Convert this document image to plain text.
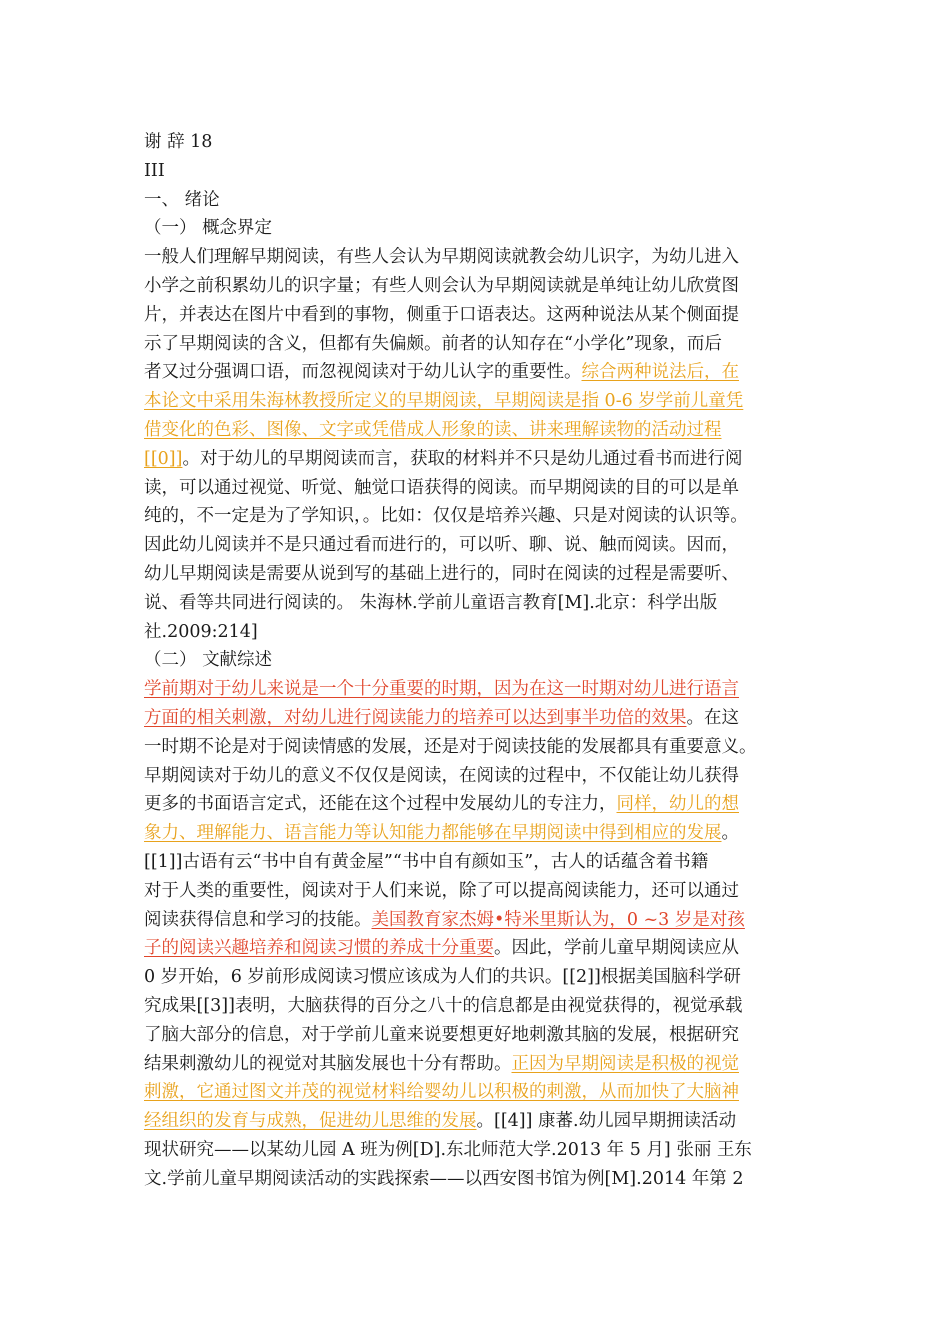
谢 辞 18
III
一、 绪论
（一） 概念界定
一般人们理解早期阅读，有些人会认为早期阅读就教会幼儿识字，为幼儿进入
小学之前积累幼儿的识字量；有些人则会认为早期阅读就是单纯让幼儿欣赏图
片，并表达在图片中看到的事物，侧重于口语表达。这两种说法从某个侧面提
示了早期阅读的含义，但都有失偏颇。前者的认知存在“小学化”现象，而后
者又过分强调口语，而忽视阅读对于幼儿认字的重要性。综合两种说法后，在
本论文中采用朱海林教授所定义的早期阅读，早期阅读是指 0-6 岁学前儿童凭
借变化的色彩、图像、文字或凭借成人形象的读、讲来理解读物的活动过程
[[0]]。对于幼儿的早期阅读而言，获取的材料并不只是幼儿通过看书而进行阅
读，可以通过视觉、听觉、触觉口语获得的阅读。而早期阅读的目的可以是单
纯的，不一定是为了学知识，。比如：仅仅是培养兴趣、只是对阅读的认识等。
因此幼儿阅读并不是只通过看而进行的，可以听、聊、说、触而阅读。因而，
幼儿早期阅读是需要从说到写的基础上进行的，同时在阅读的过程是需要听、
说、看等共同进行阅读的。 朱海林.学前儿童语言教育[M].北京：科学出版
社.2009:214]
（二） 文献综述
学前期对于幼儿来说是一个十分重要的时期，因为在这一时期对幼儿进行语言
方面的相关刺激，对幼儿进行阅读能力的培养可以达到事半功倍的效果。在这
一时期不论是对于阅读情感的发展，还是对于阅读技能的发展都具有重要意义。
早期阅读对于幼儿的意义不仅仅是阅读，在阅读的过程中，不仅能让幼儿获得
更多的书面语言定式，还能在这个过程中发展幼儿的专注力，同样，幼儿的想
象力、理解能力、语言能力等认知能力都能够在早期阅读中得到相应的发展。
[[1]]古语有云“书中自有黄金屋”“书中自有颜如玉”，古人的话蕴含着书籍
对于人类的重要性，阅读对于人们来说，除了可以提高阅读能力，还可以通过
阅读获得信息和学习的技能。美国教育家杰姆•特米里斯认为，0 ~3 岁是对孩
子的阅读兴趣培养和阅读习惯的养成十分重要。因此，学前儿童早期阅读应从
0 岁开始，6 岁前形成阅读习惯应该成为人们的共识。[[2]]根据美国脑科学研
究成果[[3]]表明，大脑获得的百分之八十的信息都是由视觉获得的，视觉承载
了脑大部分的信息，对于学前儿童来说要想更好地刺激其脑的发展，根据研究
结果刺激幼儿的视觉对其脑发展也十分有帮助。正因为早期阅读是积极的视觉
刺激，它通过图文并茂的视觉材料给婴幼儿以积极的刺激，从而加快了大脑神
经组织的发育与成熟，促进幼儿思维的发展。[[4]] 康蕃.幼儿园早期拥读活动
现状研究——以某幼儿园 A 班为例[D].东北师范大学.2013 年 5 月] 张丽 王东
文.学前儿童早期阅读活动的实践探索——以西安图书馆为例[M].2014 年第 2
